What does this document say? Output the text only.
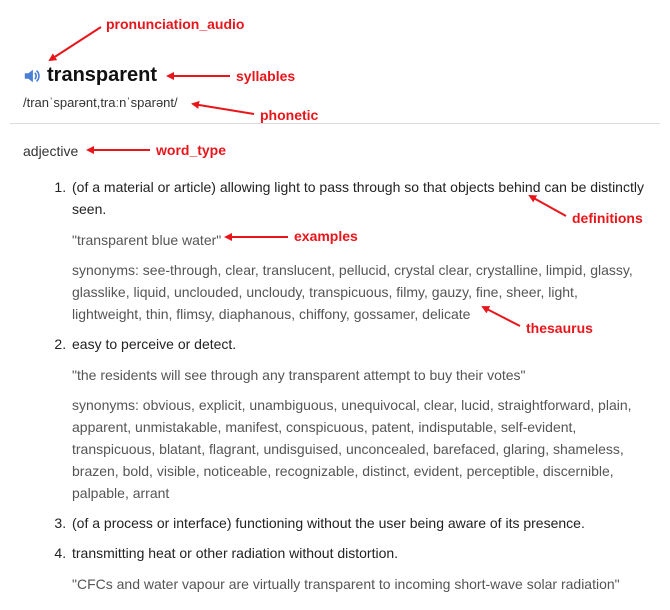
transparent
/tranˈsparənt,traːnˈsparənt/
adjective
1. (of a material or article) allowing light to pass through so that objects behind can be distinctly seen.
"transparent blue water"
synonyms: see-through, clear, translucent, pellucid, crystal clear, crystalline, limpid, glassy, glasslike, liquid, unclouded, uncloudy, transpicuous, filmy, gauzy, fine, sheer, light, lightweight, thin, flimsy, diaphanous, chiffony, gossamer, delicate
2. easy to perceive or detect.
"the residents will see through any transparent attempt to buy their votes"
synonyms: obvious, explicit, unambiguous, unequivocal, clear, lucid, straightforward, plain, apparent, unmistakable, manifest, conspicuous, patent, indisputable, self-evident, transpicuous, blatant, flagrant, undisguised, unconcealed, barefaced, glaring, shameless, brazen, bold, visible, noticeable, recognizable, distinct, evident, perceptible, discernible, palpable, arrant
3. (of a process or interface) functioning without the user being aware of its presence.
4. transmitting heat or other radiation without distortion.
"CFCs and water vapour are virtually transparent to incoming short-wave solar radiation"
pronunciation_audio
syllables
phonetic
word_type
definitions
examples
thesaurus
